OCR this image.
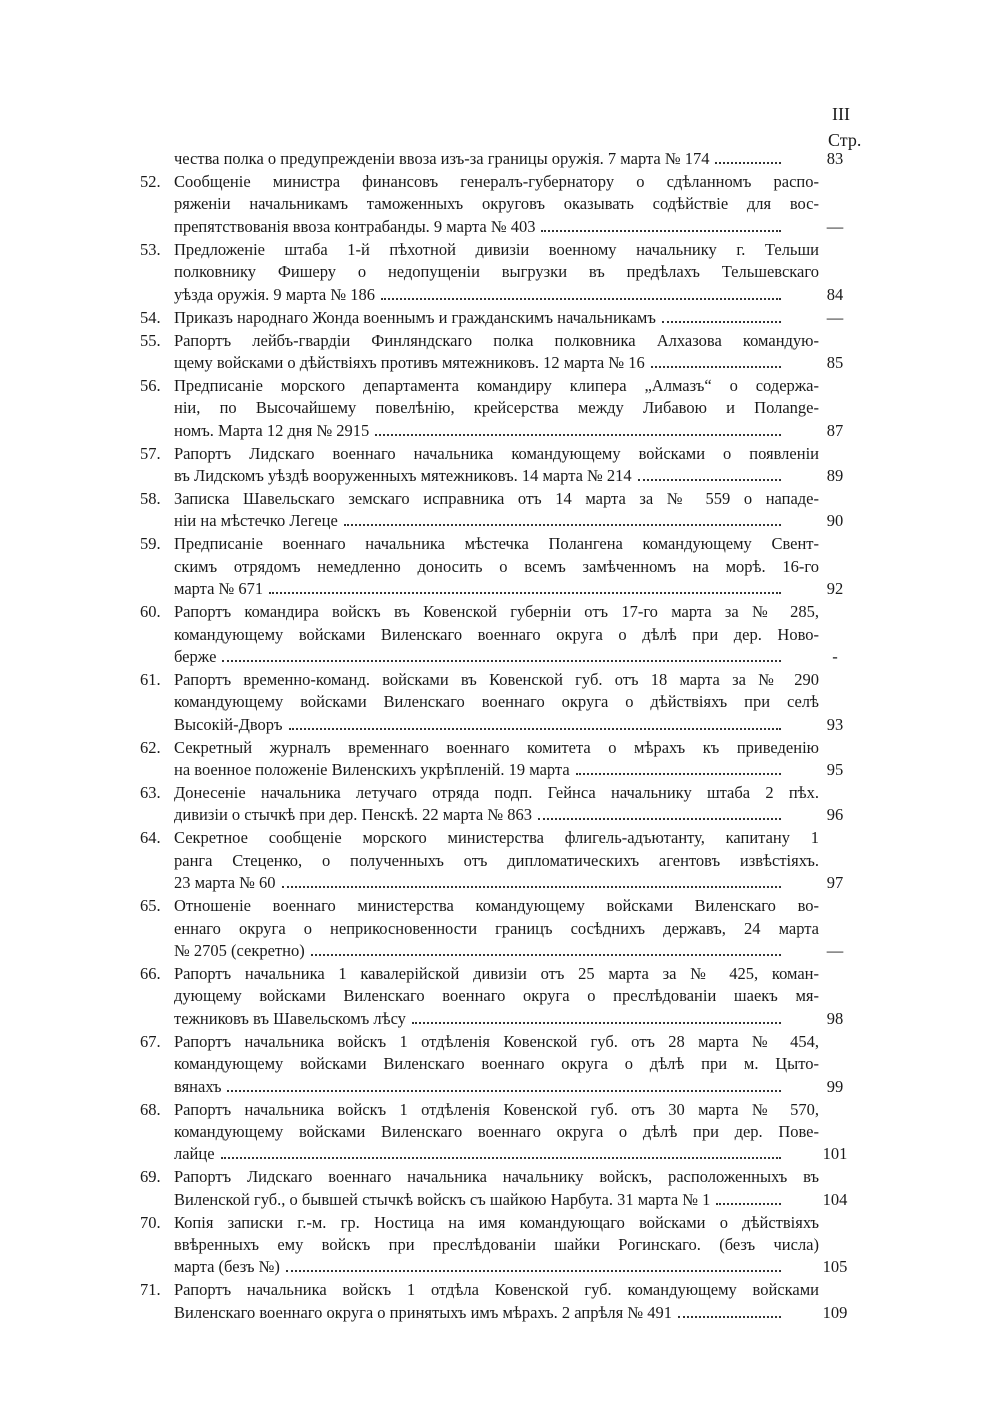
III
Стр.
чества полка о предупрежденіи ввоза изъ-за границы оружія. 7 марта № 174	83
52. Сообщеніе министра финансовъ генералъ-губернатору о сдѣланномъ распо-
ряженіи начальникамъ таможенныхъ округовъ оказывать содѣйствіе для вос-
препятствованія ввоза контрабанды. 9 марта № 403	—
53. Предложеніе штаба 1-й пѣхотной дивизіи военному начальнику г. Тельши
полковнику Фишеру о недопущеніи выгрузки въ предѣлахъ Тельшевскаго
уѣзда оружія. 9 марта № 186	84
54. Приказъ народнаго Жонда военнымъ и гражданскимъ начальникамъ	—
55. Рапортъ лейбъ-гвардіи Финляндскаго полка полковника Алхазова командую-
щему войсками о дѣйствіяхъ противъ мятежниковъ. 12 марта № 16	85
56. Предписаніе морского департамента командиру клипера „Алмазъ“ о содержа-
ніи, по Высочайшему повелѣнію, крейсерства между Либавою и Полange-
номъ. Марта 12 дня № 2915	87
57. Рапортъ Лидскаго военнаго начальника командующему войсками о появленіи
въ Лидскомъ уѣздѣ вооруженныхъ мятежниковъ. 14 марта № 214	89
58. Записка Шавельскаго земскаго исправника отъ 14 марта за № 559 о нападе-
ніи на мѣстечко Легеце	90
59. Предписаніе военнаго начальника мѣстечка Полангена командующему Свент-
скимъ отрядомъ немедленно доносить о всемъ замѣченномъ на морѣ. 16-го
марта № 671	92
60. Рапортъ командира войскъ въ Ковенской губерніи отъ 17-го марта за № 285,
командующему войсками Виленскаго военнаго округа о дѣлѣ при дер. Ново-
бержe	-
61. Рапортъ временно-команд. войсками въ Ковенской губ. отъ 18 марта за № 290
командующему войсками Виленскаго военнаго округа о дѣйствіяхъ при селѣ
Высокій-Дворъ	93
62. Секретный журналъ временнаго военнаго комитета о мѣрахъ къ приведенію
на военное положеніе Виленскихъ укрѣпленій. 19 марта	95
63. Донесеніе начальника летучаго отряда подп. Гейнса начальнику штаба 2 пѣх.
дивизіи о стычкѣ при дер. Пенскѣ. 22 марта № 863	96
64. Секретное сообщеніе морского министерства флигель-адъютанту, капитану 1
ранга Стеценко, о полученныхъ отъ дипломатическихъ агентовъ извѣстіяхъ.
23 марта № 60	97
65. Отношеніе военнаго министерства командующему войсками Виленскаго во-
еннаго округа о неприкосновенности границъ сосѣднихъ державъ, 24 марта
№ 2705 (секретно)	—
66. Рапортъ начальника 1 кавалерійской дивизіи отъ 25 марта за № 425, коман-
дующему войсками Виленскаго военнаго округа о преслѣдованіи шаекъ мя-
тежниковъ въ Шавельскомъ лѣсу	98
67. Рапортъ начальника войскъ 1 отдѣленія Ковенской губ. отъ 28 марта № 454,
командующему войсками Виленскаго военнаго округа о дѣлѣ при м. Цыто-
вянахъ	99
68. Рапортъ начальника войскъ 1 отдѣленія Ковенской губ. отъ 30 марта № 570,
командующему войсками Виленскаго военнаго округа о дѣлѣ при дер. Пове-
лайце	101
69. Рапортъ Лидскаго военнаго начальника начальнику войскъ, расположенныхъ въ
Виленской губ., о бывшей стычкѣ войскъ съ шайкою Нарбута. 31 марта № 1	104
70. Копія записки г.-м. гр. Ностица на имя командующаго войсками о дѣйствіяхъ
ввѣренныхъ ему войскъ при преслѣдованіи шайки Рогинскаго. (безъ числа)
марта (безъ №)	105
71. Рапортъ начальника войскъ 1 отдѣла Ковенской губ. командующему войсками
Виленскаго военнаго округа о принятыхъ имъ мѣрахъ. 2 апрѣля № 491	109
